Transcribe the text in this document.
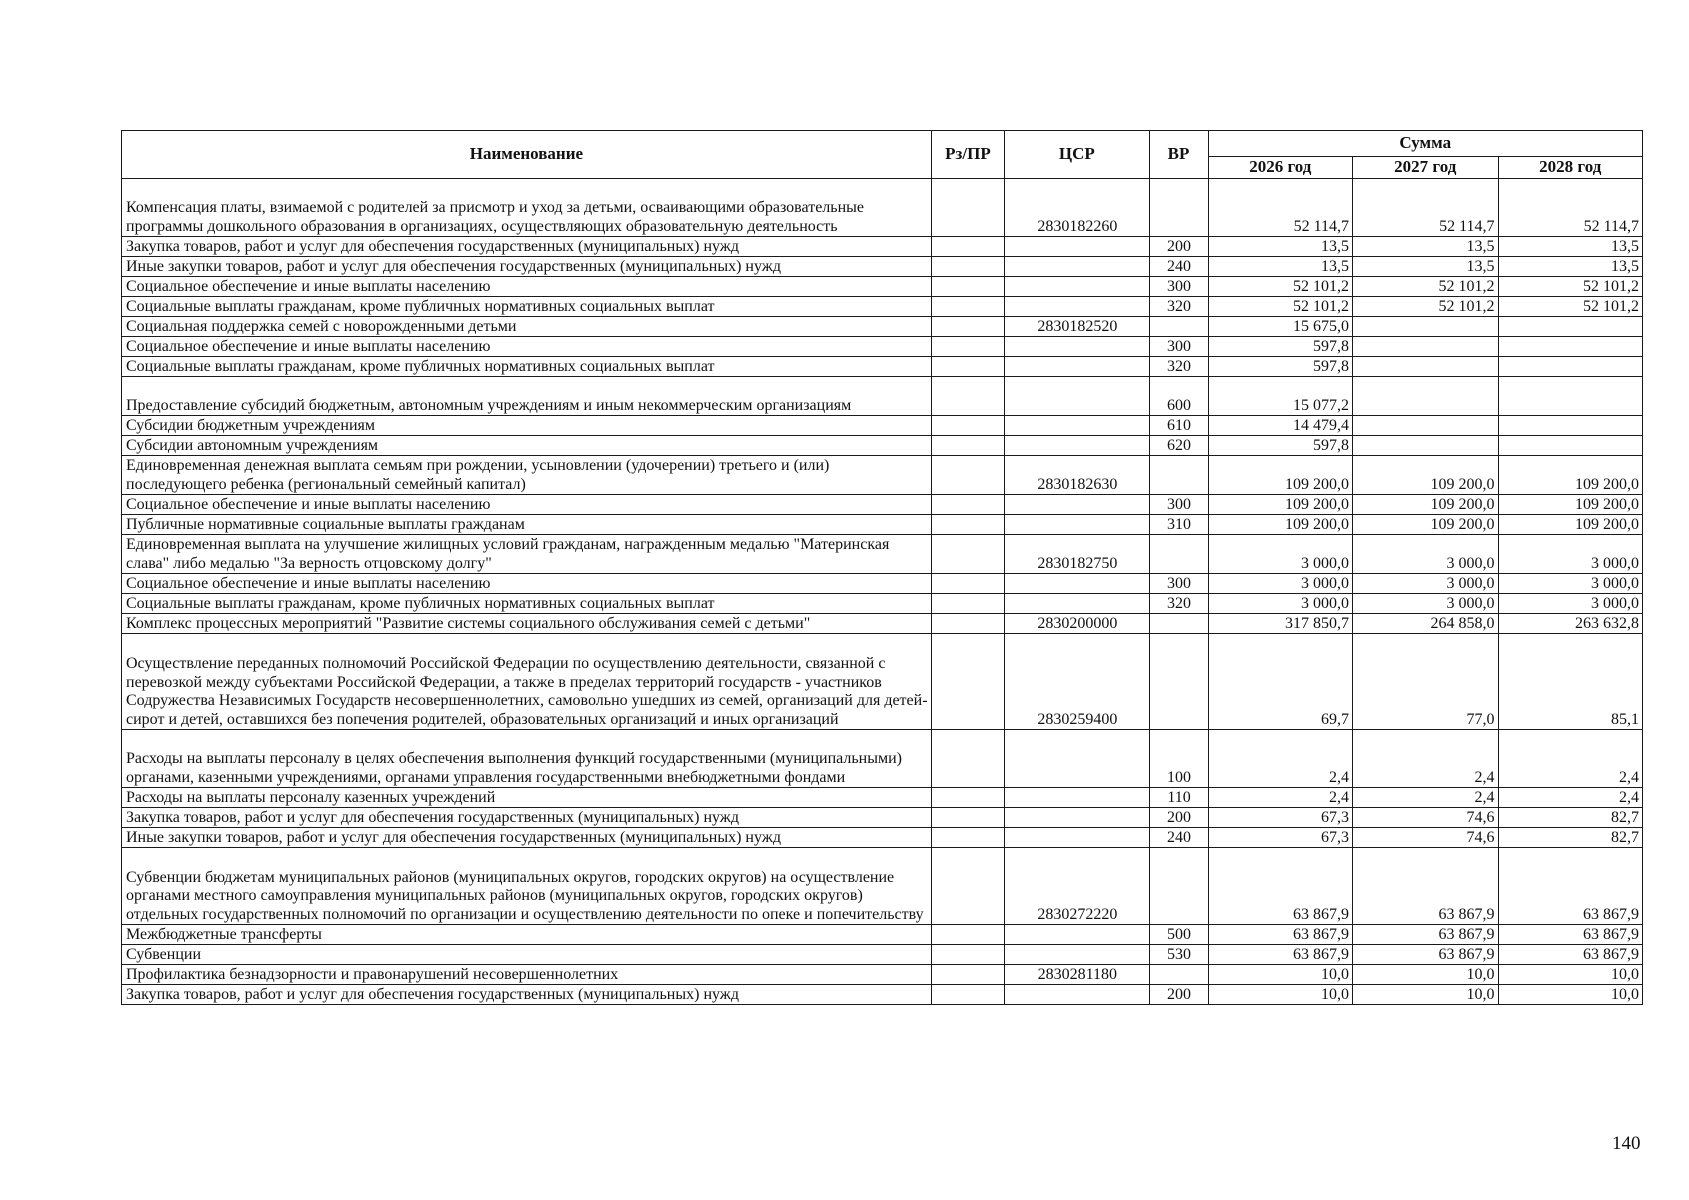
Наименование	Рз/ПР	ЦСР	ВР	Сумма		
				2026 год	2027 год	2028 год
Компенсация платы, взимаемой с родителей за присмотр и уход за детьми, осваивающими образовательные программы дошкольного образования в организациях, осуществляющих образовательную деятельность		2830182260		52 114,7	52 114,7	52 114,7
Закупка товаров, работ и услуг для обеспечения государственных (муниципальных) нужд			200	13,5	13,5	13,5
Иные закупки товаров, работ и услуг для обеспечения государственных (муниципальных) нужд			240	13,5	13,5	13,5
Социальное обеспечение и иные выплаты населению			300	52 101,2	52 101,2	52 101,2
Социальные выплаты гражданам, кроме публичных нормативных социальных выплат			320	52 101,2	52 101,2	52 101,2
Социальная поддержка семей с новорожденными детьми		2830182520		15 675,0		
Социальное обеспечение и иные выплаты населению			300	597,8		
Социальные выплаты гражданам, кроме публичных нормативных социальных выплат			320	597,8		
Предоставление субсидий бюджетным, автономным учреждениям и иным некоммерческим организациям			600	15 077,2		
Субсидии бюджетным учреждениям			610	14 479,4		
Субсидии автономным учреждениям			620	597,8		
Единовременная денежная выплата семьям при рождении, усыновлении (удочерении) третьего и (или) последующего ребенка (региональный семейный капитал)		2830182630		109 200,0	109 200,0	109 200,0
Социальное обеспечение и иные выплаты населению			300	109 200,0	109 200,0	109 200,0
Публичные нормативные социальные выплаты гражданам			310	109 200,0	109 200,0	109 200,0
Единовременная выплата на улучшение жилищных условий гражданам, награжденным медалью "Материнская слава" либо медалью "За верность отцовскому долгу"		2830182750		3 000,0	3 000,0	3 000,0
Социальное обеспечение и иные выплаты населению			300	3 000,0	3 000,0	3 000,0
Социальные выплаты гражданам, кроме публичных нормативных социальных выплат			320	3 000,0	3 000,0	3 000,0
Комплекс процессных мероприятий "Развитие системы социального обслуживания семей с детьми"		2830200000		317 850,7	264 858,0	263 632,8
Осуществление переданных полномочий Российской Федерации по осуществлению деятельности, связанной с перевозкой между субъектами Российской Федерации, а также в пределах территорий государств - участников Содружества Независимых Государств несовершеннолетних, самовольно ушедших из семей, организаций для детей-сирот и детей, оставшихся без попечения родителей, образовательных организаций и иных организаций		2830259400		69,7	77,0	85,1
Расходы на выплаты персоналу в целях обеспечения выполнения функций государственными (муниципальными) органами, казенными учреждениями, органами управления государственными внебюджетными фондами			100	2,4	2,4	2,4
Расходы на выплаты персоналу казенных учреждений			110	2,4	2,4	2,4
Закупка товаров, работ и услуг для обеспечения государственных (муниципальных) нужд			200	67,3	74,6	82,7
Иные закупки товаров, работ и услуг для обеспечения государственных (муниципальных) нужд			240	67,3	74,6	82,7
Субвенции бюджетам муниципальных районов (муниципальных округов, городских округов) на осуществление органами местного самоуправления муниципальных районов (муниципальных округов, городских округов) отдельных государственных полномочий по организации и осуществлению деятельности по опеке и попечительству		2830272220		63 867,9	63 867,9	63 867,9
Межбюджетные трансферты			500	63 867,9	63 867,9	63 867,9
Субвенции			530	63 867,9	63 867,9	63 867,9
Профилактика безнадзорности и правонарушений несовершеннолетних		2830281180		10,0	10,0	10,0
Закупка товаров, работ и услуг для обеспечения государственных (муниципальных) нужд			200	10,0	10,0	10,0
140
